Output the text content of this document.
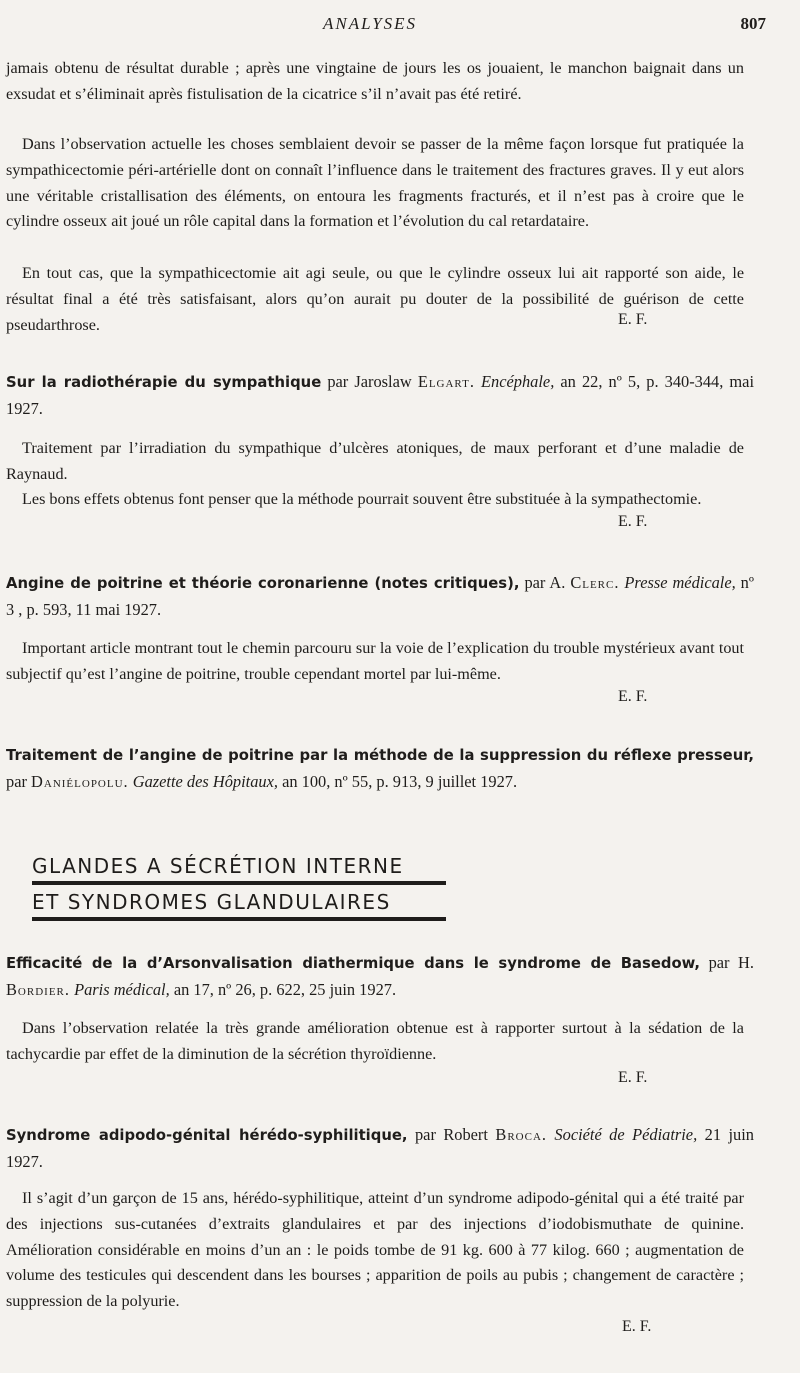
ANALYSES	807

jamais obtenu de résultat durable ; après une vingtaine de jours les os jouaient, le manchon baignait dans un exsudat et s’éliminait après fistulisation de la cicatrice s’il n’avait pas été retiré.

Dans l’observation actuelle les choses semblaient devoir se passer de la même façon lorsque fut pratiquée la sympathicectomie péri-artérielle dont on connaît l’influence dans le traitement des fractures graves. Il y eut alors une véritable cristallisation des éléments, on entoura les fragments fracturés, et il n’est pas à croire que le cylindre osseux ait joué un rôle capital dans la formation et l’évolution du cal retardataire.

En tout cas, que la sympathicectomie ait agi seule, ou que le cylindre osseux lui ait rapporté son aide, le résultat final a été très satisfaisant, alors qu’on aurait pu douter de la possibilité de guérison de cette pseudarthrose.	E. F.
Sur la radiothérapie du sympathique par Jaroslaw Elgart. Encéphale, an 22, nº 5, p. 340-344, mai 1927.

Traitement par l’irradiation du sympathique d’ulcères atoniques, de maux perforant et d’une maladie de Raynaud.

Les bons effets obtenus font penser que la méthode pourrait souvent être substituée à la sympathectomie.

E. F.
Angine de poitrine et théorie coronarienne (notes critiques), par A. Clerc. Presse médicale, nº 3 , p. 593, 11 mai 1927.

Important article montrant tout le chemin parcouru sur la voie de l’explication du trouble mystérieux avant tout subjectif qu’est l’angine de poitrine, trouble cependant mortel par lui-même.

E. F.
Traitement de l’angine de poitrine par la méthode de la suppression du réflexe presseur, par Daniélopolu. Gazette des Hôpitaux, an 100, nº 55, p. 913, 9 juillet 1927.
GLANDES A SÉCRÉTION INTERNE
ET SYNDROMES GLANDULAIRES
Efficacité de la d’Arsonvalisation diathermique dans le syndrome de Basedow, par H. Bordier. Paris médical, an 17, nº 26, p. 622, 25 juin 1927.

Dans l’observation relatée la très grande amélioration obtenue est à rapporter surtout à la sédation de la tachycardie par effet de la diminution de la sécrétion thyroïdienne.

E. F.
Syndrome adipodo-génital hérédo-syphilitique, par Robert Broca. Société de Pédiatrie, 21 juin 1927.

Il s’agit d’un garçon de 15 ans, hérédo-syphilitique, atteint d’un syndrome adipodo-génital qui a été traité par des injections sus-cutanées d’extraits glandulaires et par des injections d’iodobismuthate de quinine. Amélioration considérable en moins d’un an : le poids tombe de 91 kg. 600 à 77 kilog. 660 ; augmentation de volume des testicules qui descendent dans les bourses ; apparition de poils au pubis ; changement de caractère ; suppression de la polyurie.

E. F.
